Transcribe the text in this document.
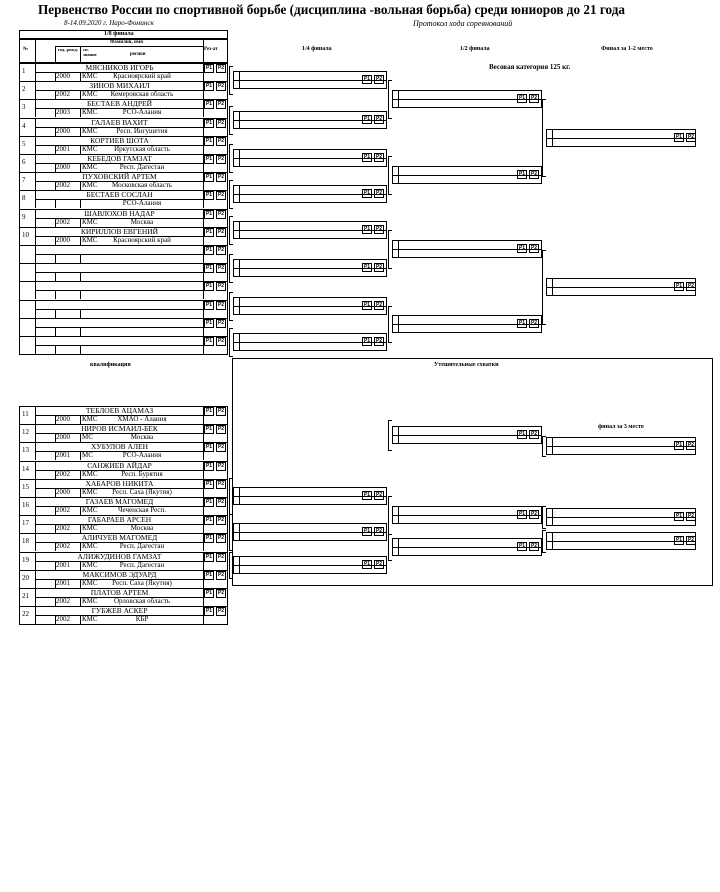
Первенство России по спортивной борьбе (дисциплина -вольная борьба) среди юниоров до 21 года
8-14.09.2020 г. Наро-Фоминск	Протокол хода соревнований
1/4 финала	1/2 финала	Финал за 1-2 место
Весовая категория 125 кг.
1/8 финала
№
Фамилия, имя
год. рожд. сп. звание	регион
Рез-ат
P1	P2
1	МЯСНИКОВ ИГОРЬ
2000 КМС	Красноярский край
P1	P2
2	ЗИНОВ МИХАИЛ
2002 КМС	Кемеровская область
P1	P2
3	БЕСТАЕВ АНДРЕЙ
2003 КМС	РСО-Алания
P1	P2
4	ГАЛАЕВ ВАХИТ
2000 КМС	Респ. Ингушетия
P1	P2
5	КОРТИЕВ ШОТА
2001 КМС	Иркутская область
P1	P2
6	КЕБЕДОВ ГАМЗАТ
2000 КМС	Респ. Дагестан
P1	P2
7	ПУХОВСКИЙ АРТЕМ
2002 КМС	Московская область
P1	P2
8	БЕСТАЕВ СОСЛАН
РСО-Алания
P1	P2
9	ШАВЛОХОВ НАДАР
2002 КМС	Москва
P1	P2
10	КИРИЛЛОВ ЕВГЕНИЙ
2000 КМС	Красноярский край
P1	P2
P1	P2
P1	P2
P1	P2
P1	P2
P1	P2
квалификация	Утешительные схватки
финал за 3 место
P1	P2
11	ТЕБЛОЕВ АЦАМАЗ
2000 КМС	ХМАО - Алания
P1	P2
12	НИРОВ ИСМАИЛ-БЕК
2000 МС	Москва
P1	P2
13	ХУБУЛОВ АЛЕН
2001 МС	РСО-Алания
P1	P2
14	САНЖИЕВ АЙДАР
2002 КМС	Респ. Бурятия
P1	P2
15	ХАБАРОВ НИКИТА
2000 КМС	Респ. Саха (Якутия)
P1	P2
16	ГАЗАЕВ МАГОМЕД
2002 КМС	Чеченская Респ.
P1	P2
17	ГАБАРАЕВ АРСЕН
2002 КМС	Москва
P1	P2
18	АЛИЧУЕВ МАГОМЕД
2002 КМС	Респ. Дагестан
P1	P2
19	АЛИЖУДИНОВ ГАМЗАТ
2001 КМС	Респ. Дагестан
P1	P2
20	МАКСИМОВ ЭДУАРД
2001 КМС	Респ. Саха (Якутия)
P1	P2
21	ПЛАТОВ АРТЕМ
2002 КМС	Орловская область
P1	P2
22	ГУБЖЕВ АСКЕР
2002 КМС	КБР
P1	P2
P1	P2
P1	P2
P1	P2
P1	P2
P1	P2
P1	P2
P1	P2
P1	P2
P1	P2
P1	P2
P1	P2
P1	P2
P1	P2
P1	P2
P1	P2
P1	P2
P1	P2
P1	P2
P1	P2
P1	P2
P1	P2
P1	P2
